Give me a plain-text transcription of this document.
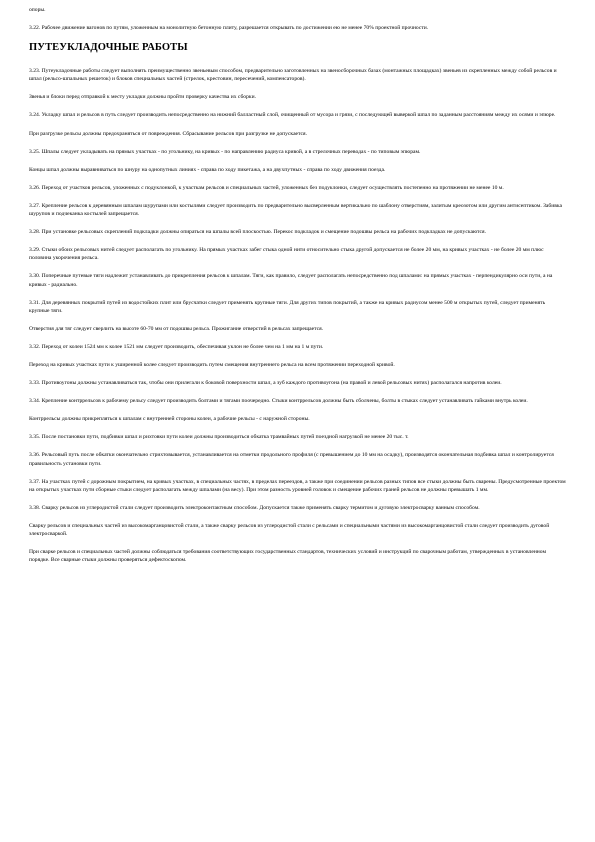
опоры.

3.22. Рабочее движение вагонов по путям, уложенным на монолитную бетонную плиту, разрешается открывать по достижении ею не менее 70% проектной прочности.

ПУТЕУКЛАДОЧНЫЕ РАБОТЫ

3.23. Путеукладочные работы следует выполнять преимущественно звеньевым способом, предварительно заготовленных на звеносборочных базах (монтажных площадках) звеньев из скрепленных между собой рельсов и шпал (рельсо-шпальных решеток) и блоков специальных частей (стрелок, крестовин, пересечений, компенсаторов).

Звенья и блоки перед отправкой к месту укладки должны пройти проверку качества их сборки.

3.24. Укладку шпал и рельсов в путь следует производить непосредственно на нижний балластный слой, очищенный от мусора и грязи, с последующей выверкой шпал по заданным расстояниям между их осями и эпюре.

При разгрузке рельсы должны предохраняться от повреждения. Сбрасывание рельсов при разгрузке не допускается.

3.25. Шпалы следует укладывать на прямых участках - по угольнику, на кривых - по направлению радиуса кривой, а в стрелочных переводах - по типовым эпюрам.

Концы шпал должны выравниваться по шнуру на однопутных линиях - справа по ходу пикетажа, а на двухпутных - справа по ходу движения поезда.

3.26. Переход от участков рельсов, уложенных с подуклонкой, к участкам рельсов и специальных частей, уложенных без подуклонки, следует осуществлять постепенно на протяжении не менее 10 м.

3.27. Крепление рельсов к деревянным шпалам шурупами или костылями следует производить по предварительно высверленным вертикально по шаблону отверстиям, залитым креозотом или другим антисептиком. Забивка шурупов и подчеканка костылей запрещается.

3.28. При установке рельсовых скреплений подкладки должны опираться на шпалы всей плоскостью. Перекос подкладок и смещение подошвы рельса на рабочих подкладках не допускаются.

3.29. Стыки обоих рельсовых нитей следует располагать по угольнику. На прямых участках забег стыка одной нити относительно стыка другой допускается не более 20 мм, на кривых участках - не более 20 мм плюс половина укорочения рельса.

3.30. Поперечные путевые тяги надлежит устанавливать до прикрепления рельсов к шпалам. Тяги, как правило, следует располагать непосредственно под шпалами: на прямых участках - перпендикулярно оси пути, а на кривых - радиально.

3.31. Для деревянных покрытий путей из водостойких плит или брусчатки следует применять крупные тяги. Для других типов покрытий, а также на кривых радиусом менее 500 м открытых путей, следует применять крупные тяги.

Отверстия для тяг следует сверлить на высоте 60-70 мм от подошвы рельса. Прожигание отверстий в рельсах запрещается.

3.32. Переход от колеи 1524 мм к колее 1521 мм следует производить, обеспечивая уклон не более чем на 1 мм на 1 м пути.

Переход на кривых участках пути к уширенной колее следует производить путем смещения внутреннего рельса на всем протяжении переходной кривой.

3.33. Противоугоны должны устанавливаться так, чтобы они прилегали к боковой поверхности шпал, а зуб каждого противоугона (на правой и левой рельсовых нитях) располагался напротив колеи.

3.34. Крепление контррельсов к рабочему рельсу следует производить болтами и тягами поочередно. Стыки контррельсов должны быть сболчены, болты в стыках следует устанавливать гайками внутрь колеи.

Контррельсы должны прикрепляться к шпалам с внутренней стороны колеи, а рабочие рельсы - с наружной стороны.

3.35. После постановки пути, подбивки шпал и рихтовки пути колеи должны производиться обкатка трамвайных путей поездной нагрузкой не менее 20 тыс. т.

3.36. Рельсовый путь после обкатки окончательно стрихтовывается, устанавливается на отметки продольного профиля (с превышением до 10 мм на осадку), производятся окончательная подбивка шпал и контролируется правильность установки пути.

3.37. На участках путей с дорожным покрытием, на кривых участках, в специальных частях, в пределах переездов, а также при соединении рельсов разных типов все стыки должны быть сварены. Предусмотренные проектом на открытых участках пути сборные стыки следует располагать между шпалами (на весу). При этом разность уровней головок и смещение рабочих граней рельсов не должны превышать 1 мм.

3.38. Сварку рельсов из углеродистой стали следует производить электроконтактным способом. Допускается также применять сварку термитом и дуговую электросварку ванным способом.

Сварку рельсов и специальных частей из высокомарганцовистой стали, а также сварку рельсов из углеродистой стали с рельсами и специальными частями из высокомарганцовистой стали следует производить дуговой электросваркой.

При сварке рельсов и специальных частей должны соблюдаться требования соответствующих государственных стандартов, технических условий и инструкций по сварочным работам, утвержденных в установленном порядке. Все сварные стыки должны проверяться дефектоскопом.
